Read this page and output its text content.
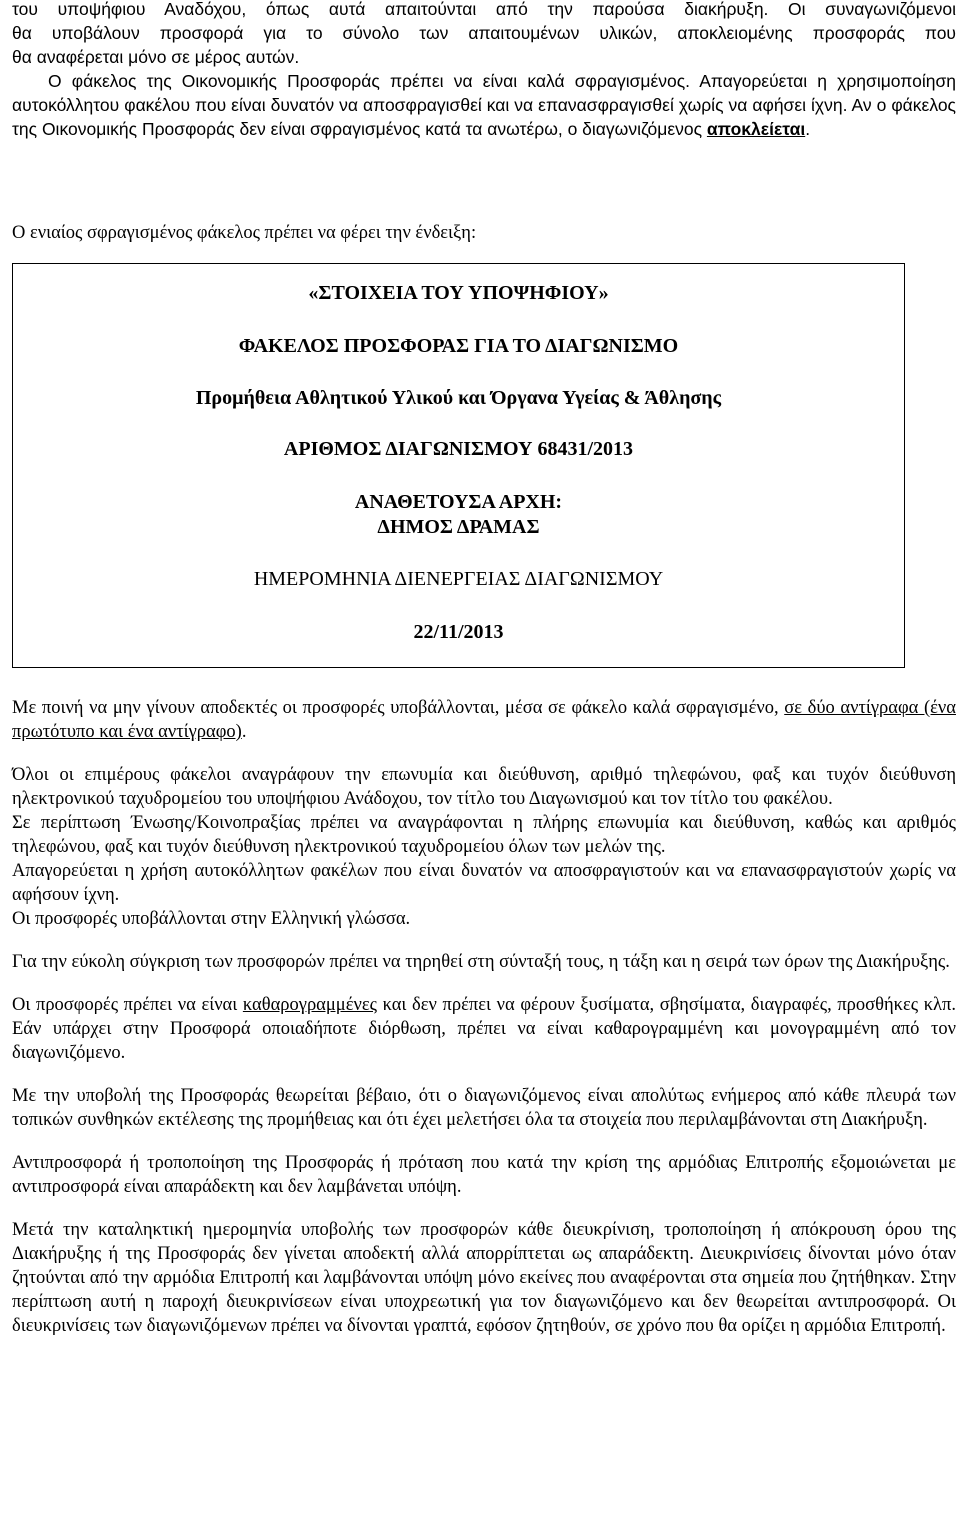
του υποψήφιου Αναδόχου, όπως αυτά απαιτούνται από την παρούσα διακήρυξη. Οι συναγωνιζόμενοι

θα υποβάλουν προσφορά για το σύνολο των απαιτουμένων υλικών, αποκλειομένης προσφοράς που

θα αναφέρεται μόνο σε μέρος αυτών.

Ο φάκελος της Οικονομικής Προσφοράς πρέπει να είναι καλά σφραγισμένος. Απαγορεύεται η χρησιμοποίηση αυτοκόλλητου φακέλου που είναι δυνατόν να αποσφραγισθεί και να επανασφραγισθεί χωρίς να αφήσει ίχνη. Αν ο φάκελος της Οικονομικής Προσφοράς δεν είναι σφραγισμένος κατά τα ανωτέρω, ο διαγωνιζόμενος αποκλείεται.

Ο ενιαίος σφραγισμένος φάκελος πρέπει να φέρει την ένδειξη:

«ΣΤΟΙΧΕΙΑ ΤΟΥ ΥΠΟΨΗΦΙΟΥ»
ΦΑΚΕΛΟΣ ΠΡΟΣΦΟΡΑΣ ΓΙΑ ΤΟ ΔΙΑΓΩΝΙΣΜΟ
Προμήθεια Αθλητικού Υλικού και Όργανα Υγείας & Άθλησης
ΑΡΙΘΜΟΣ ΔΙΑΓΩΝΙΣΜΟΥ 68431/2013
ΑΝΑΘΕΤΟΥΣΑ ΑΡΧΗ:
ΔΗΜΟΣ ΔΡΑΜΑΣ
ΗΜΕΡΟΜΗΝΙΑ ΔΙΕΝΕΡΓΕΙΑΣ ΔΙΑΓΩΝΙΣΜΟΥ
22/11/2013

Με ποινή να μην γίνουν αποδεκτές οι προσφορές υποβάλλονται, μέσα σε φάκελο καλά σφραγισμένο, σε δύο αντίγραφα (ένα πρωτότυπο και ένα αντίγραφο).

Όλοι οι επιμέρους φάκελοι αναγράφουν την επωνυμία και διεύθυνση, αριθμό τηλεφώνου, φαξ και τυχόν διεύθυνση ηλεκτρονικού ταχυδρομείου του υποψήφιου Ανάδοχου, τον τίτλο του Διαγωνισμού και τον τίτλο του φακέλου.

Σε περίπτωση Ένωσης/Κοινοπραξίας πρέπει να αναγράφονται η πλήρης επωνυμία και διεύθυνση, καθώς και αριθμός τηλεφώνου, φαξ και τυχόν διεύθυνση ηλεκτρονικού ταχυδρομείου όλων των μελών της.

Απαγορεύεται η χρήση αυτοκόλλητων φακέλων που είναι δυνατόν να αποσφραγιστούν και να επανασφραγιστούν χωρίς να αφήσουν ίχνη.

Οι προσφορές υποβάλλονται στην Ελληνική γλώσσα.

Για την εύκολη σύγκριση των προσφορών πρέπει να τηρηθεί στη σύνταξή τους, η τάξη και η σειρά των όρων της Διακήρυξης.

Οι προσφορές πρέπει να είναι καθαρογραμμένες και δεν πρέπει να φέρουν ξυσίματα, σβησίματα, διαγραφές, προσθήκες κλπ. Εάν υπάρχει στην Προσφορά οποιαδήποτε διόρθωση, πρέπει να είναι καθαρογραμμένη και μονογραμμένη από τον διαγωνιζόμενο.

Με την υποβολή της Προσφοράς θεωρείται βέβαιο, ότι ο διαγωνιζόμενος είναι απολύτως ενήμερος από κάθε πλευρά των τοπικών συνθηκών εκτέλεσης της προμήθειας και ότι έχει μελετήσει όλα τα στοιχεία που περιλαμβάνονται στη Διακήρυξη.

Αντιπροσφορά ή τροποποίηση της Προσφοράς ή πρόταση που κατά την κρίση της αρμόδιας Επιτροπής εξομοιώνεται με αντιπροσφορά είναι απαράδεκτη και δεν λαμβάνεται υπόψη.

Μετά την καταληκτική ημερομηνία υποβολής των προσφορών κάθε διευκρίνιση, τροποποίηση ή απόκρουση όρου της Διακήρυξης ή της Προσφοράς δεν γίνεται αποδεκτή αλλά απορρίπτεται ως απαράδεκτη. Διευκρινίσεις δίνονται μόνο όταν ζητούνται από την αρμόδια Επιτροπή και λαμβάνονται υπόψη μόνο εκείνες που αναφέρονται στα σημεία που ζητήθηκαν. Στην περίπτωση αυτή η παροχή διευκρινίσεων είναι υποχρεωτική για τον διαγωνιζόμενο και δεν θεωρείται αντιπροσφορά. Οι διευκρινίσεις των διαγωνιζόμενων πρέπει να δίνονται γραπτά, εφόσον ζητηθούν, σε χρόνο που θα ορίζει η αρμόδια Επιτροπή.
